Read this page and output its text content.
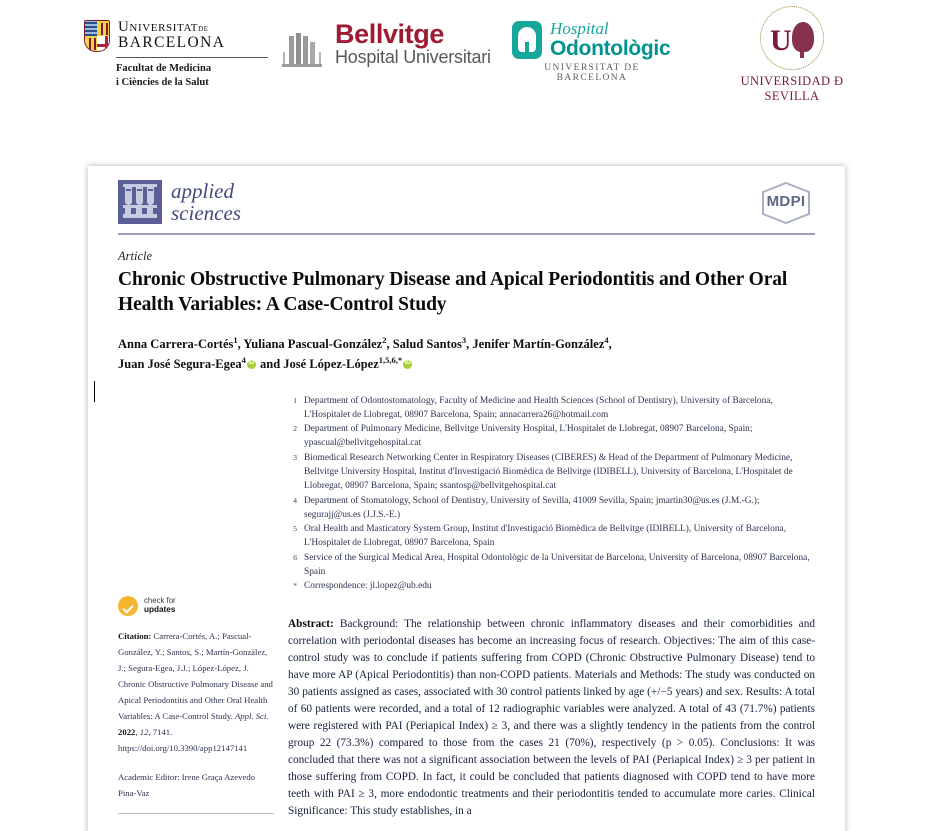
Universitatde
BARCELONA
Facultat de Medicina
i Ciències de la Salut
Bellvitge
Hospital Universitari
Hospital
Odontològic
UNIVERSITAT DE BARCELONA
U
UNIVERSIDAD Ð SEVILLA
applied
sciences	MDPI
Article
Chronic Obstructive Pulmonary Disease and Apical Periodontitis and Other Oral Health Variables: A Case-Control Study
Anna Carrera-Cortés$^1$, Yuliana Pascual-González$^2$, Salud Santos$^3$, Jenifer Martín-González$^4$,
Juan José Segura-Egea$^4$ iD and José López-López$^{1,5,6,*}$iD
check for
updates
Citation: Carrera-Cortés, A.; Pascual-González, Y.; Santos, S.; Martín-González, J.; Segura-Egea, J.J.; López-López, J. Chronic Obstructive Pulmonary Disease and Apical Periodontitis and Other Oral Health Variables: A Case-Control Study. Appl. Sci. 2022, 12, 7141. https://doi.org/10.3390/app12147141
Academic Editor: Irene Graça Azevedo Pina-Vaz
1 Department of Odontostomatology, Faculty of Medicine and Health Sciences (School of Dentistry), University of Barcelona, L'Hospitalet de Llobregat, 08907 Barcelona, Spain; annacarrera26@hotmail.com
2 Department of Pulmonary Medicine, Bellvitge University Hospital, L'Hospitalet de Llobregat, 08907 Barcelona, Spain; ypascual@bellvitgehospital.cat
3 Biomedical Research Networking Center in Respiratory Diseases (CIBERES) & Head of the Department of Pulmonary Medicine, Bellvitge University Hospital, Institut d'Investigació Biomèdica de Bellvitge (IDIBELL), University of Barcelona, L'Hospitalet de Llobregat, 08907 Barcelona, Spain; ssantosp@bellvitgehospital.cat
4 Department of Stomatology, School of Dentistry, University of Sevilla, 41009 Sevilla, Spain; jmartin30@us.es (J.M.-G.); segurajj@us.es (J.J.S.-E.)
5 Oral Health and Masticatory System Group, Institut d'Investigació Biomèdica de Bellvitge (IDIBELL), University of Barcelona, L'Hospitalet de Llobregat, 08907 Barcelona, Spain
6 Service of the Surgical Medical Area, Hospital Odontològic de la Universitat de Barcelona, University of Barcelona, 08907 Barcelona, Spain
* Correspondence: jl.lopez@ub.edu
Abstract: Background: The relationship between chronic inflammatory diseases and their comorbidities and correlation with periodontal diseases has become an increasing focus of research. Objectives: The aim of this case-control study was to conclude if patients suffering from COPD (Chronic Obstructive Pulmonary Disease) tend to have more AP (Apical Periodontitis) than non-COPD patients. Materials and Methods: The study was conducted on 30 patients assigned as cases, associated with 30 control patients linked by age (+/−5 years) and sex. Results: A total of 60 patients were recorded, and a total of 12 radiographic variables were analyzed. A total of 43 (71.7%) patients were registered with PAI (Periapical Index) ≥ 3, and there was a slightly tendency in the patients from the control group 22 (73.3%) compared to those from the cases 21 (70%), respectively (p > 0.05). Conclusions: It was concluded that there was not a significant association between the levels of PAI (Periapical Index) ≥ 3 per patient in those suffering from COPD. In fact, it could be concluded that patients diagnosed with COPD tend to have more teeth with PAI ≥ 3, more endodontic treatments and their periodontitis tended to accumulate more caries. Clinical Significance: This study establishes, in a
